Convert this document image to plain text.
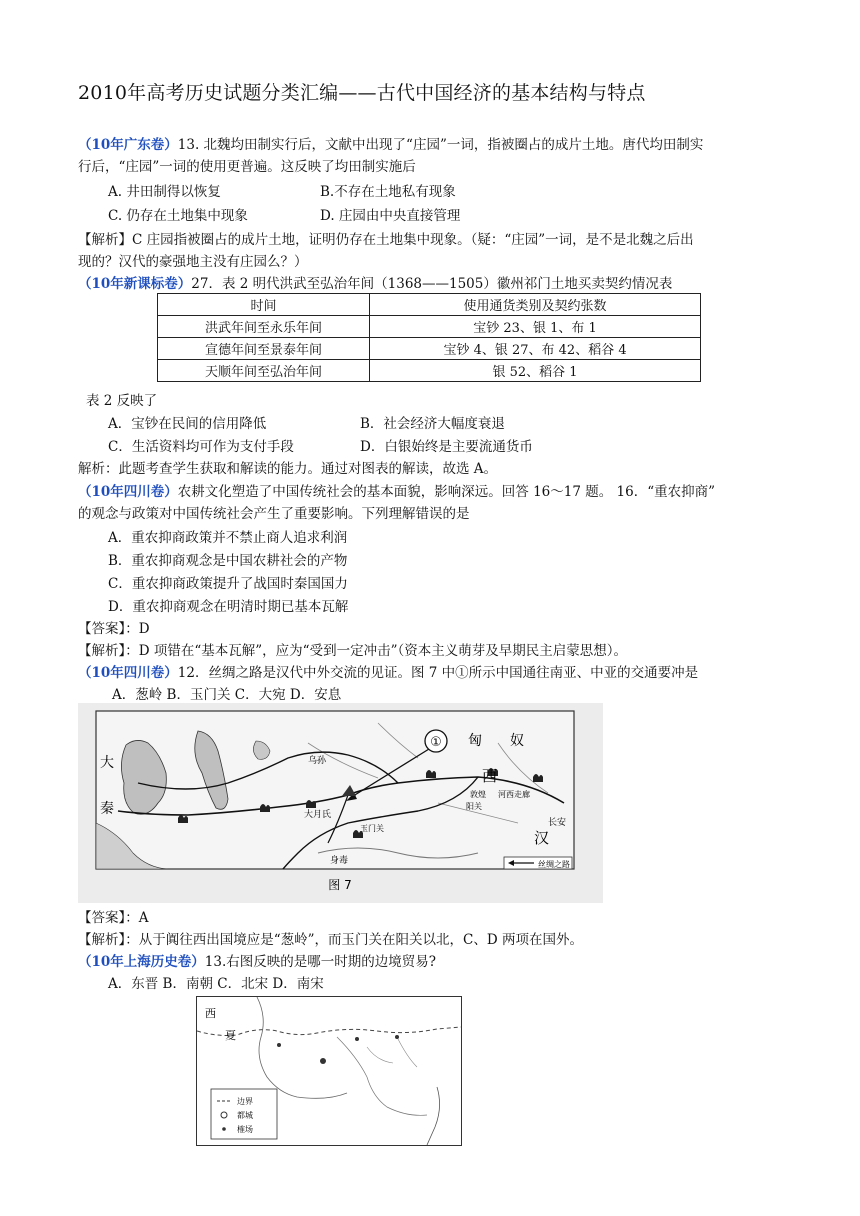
2010年高考历史试题分类汇编——古代中国经济的基本结构与特点
（10年广东卷）13. 北魏均田制实行后，文献中出现了“庄园”一词，指被圈占的成片土地。唐代均田制实
行后，“庄园”一词的使用更普遍。这反映了均田制实施后
A. 井田制得以恢复	B.不存在土地私有现象
C. 仍存在土地集中现象	D. 庄园由中央直接管理
【解析】C 庄园指被圈占的成片土地，证明仍存在土地集中现象。（疑：“庄园”一词，是不是北魏之后出
现的？汉代的豪强地主没有庄园么？）
（10年新课标卷）27．表 2 明代洪武至弘治年间（1368——1505）徽州祁门土地买卖契约情况表
时间	使用通货类别及契约张数
洪武年间至永乐年间	宝钞 23、银 1、布 1
宣德年间至景泰年间	宝钞 4、银 27、布 42、稻谷 4
天顺年间至弘治年间	银 52、稻谷 1
表 2 反映了
A．宝钞在民间的信用降低	B．社会经济大幅度衰退
C．生活资料均可作为支付手段	D．白银始终是主要流通货币
解析：此题考查学生获取和解读的能力。通过对图表的解读，故选 A。
（10年四川卷）农耕文化塑造了中国传统社会的基本面貌，影响深远。回答 16～17 题。 16．“重农抑商”
的观念与政策对中国传统社会产生了重要影响。下列理解错误的是
A．重农抑商政策并不禁止商人追求利润
B．重农抑商观念是中国农耕社会的产物
C．重农抑商政策提升了战国时秦国国力
D．重农抑商观念在明清时期已基本瓦解
【答案】：D
【解析】：D 项错在“基本瓦解”，应为“受到一定冲击”（资本主义萌芽及早期民主启蒙思想）。
（10年四川卷）12．丝绸之路是汉代中外交流的见证。图 7 中①所示中国通往南亚、中亚的交通要冲是
A．葱岭 B．玉门关 C．大宛 D．安息
① 匈 奴
西
汉
大
秦	大月氏
乌孙
长安
敦煌
阳关
玉门关
河西走廊
身毒	丝绸之路
图 7
【答案】：A
【解析】：从于阗往西出国境应是“葱岭”，而玉门关在阳关以北，C、D 两项在国外。
（10年上海历史卷）13.右图反映的是哪一时期的边境贸易?
A．东晋 B．南朝 C．北宋 D．南宋
西
夏
边界
都城
榷场
